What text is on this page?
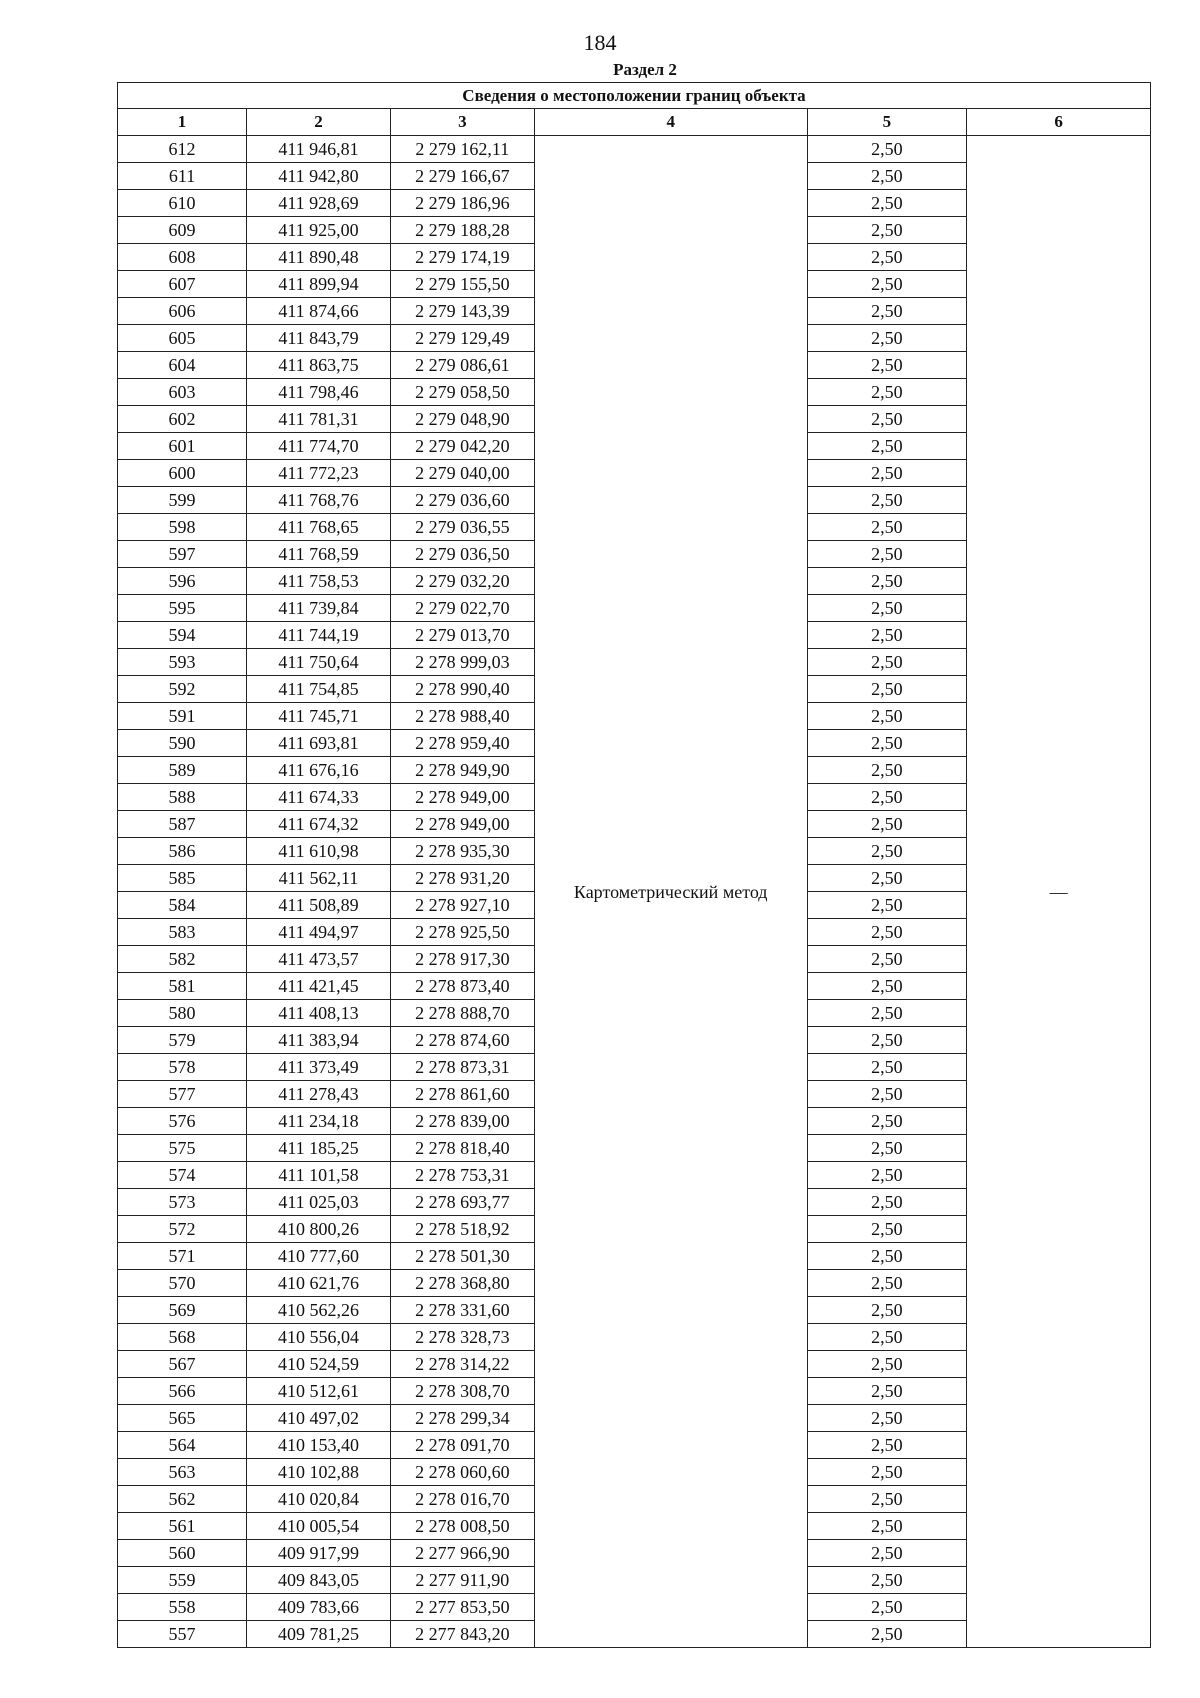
184
Раздел 2
Сведения о местоположении границ объекта					
1	2	3	4	5	6
612	411 946,81	2 279 162,11	Картометрический метод	2,50	—
611	411 942,80	2 279 166,67		2,50	
610	411 928,69	2 279 186,96		2,50	
609	411 925,00	2 279 188,28		2,50	
608	411 890,48	2 279 174,19		2,50	
607	411 899,94	2 279 155,50		2,50	
606	411 874,66	2 279 143,39		2,50	
605	411 843,79	2 279 129,49		2,50	
604	411 863,75	2 279 086,61		2,50	
603	411 798,46	2 279 058,50		2,50	
602	411 781,31	2 279 048,90		2,50	
601	411 774,70	2 279 042,20		2,50	
600	411 772,23	2 279 040,00		2,50	
599	411 768,76	2 279 036,60		2,50	
598	411 768,65	2 279 036,55		2,50	
597	411 768,59	2 279 036,50		2,50	
596	411 758,53	2 279 032,20		2,50	
595	411 739,84	2 279 022,70		2,50	
594	411 744,19	2 279 013,70		2,50	
593	411 750,64	2 278 999,03		2,50	
592	411 754,85	2 278 990,40		2,50	
591	411 745,71	2 278 988,40		2,50	
590	411 693,81	2 278 959,40		2,50	
589	411 676,16	2 278 949,90		2,50	
588	411 674,33	2 278 949,00		2,50	
587	411 674,32	2 278 949,00		2,50	
586	411 610,98	2 278 935,30		2,50	
585	411 562,11	2 278 931,20		2,50	
584	411 508,89	2 278 927,10		2,50	
583	411 494,97	2 278 925,50		2,50	
582	411 473,57	2 278 917,30		2,50	
581	411 421,45	2 278 873,40		2,50	
580	411 408,13	2 278 888,70		2,50	
579	411 383,94	2 278 874,60		2,50	
578	411 373,49	2 278 873,31		2,50	
577	411 278,43	2 278 861,60		2,50	
576	411 234,18	2 278 839,00		2,50	
575	411 185,25	2 278 818,40		2,50	
574	411 101,58	2 278 753,31		2,50	
573	411 025,03	2 278 693,77		2,50	
572	410 800,26	2 278 518,92		2,50	
571	410 777,60	2 278 501,30		2,50	
570	410 621,76	2 278 368,80		2,50	
569	410 562,26	2 278 331,60		2,50	
568	410 556,04	2 278 328,73		2,50	
567	410 524,59	2 278 314,22		2,50	
566	410 512,61	2 278 308,70		2,50	
565	410 497,02	2 278 299,34		2,50	
564	410 153,40	2 278 091,70		2,50	
563	410 102,88	2 278 060,60		2,50	
562	410 020,84	2 278 016,70		2,50	
561	410 005,54	2 278 008,50		2,50	
560	409 917,99	2 277 966,90		2,50	
559	409 843,05	2 277 911,90		2,50	
558	409 783,66	2 277 853,50		2,50	
557	409 781,25	2 277 843,20		2,50	
